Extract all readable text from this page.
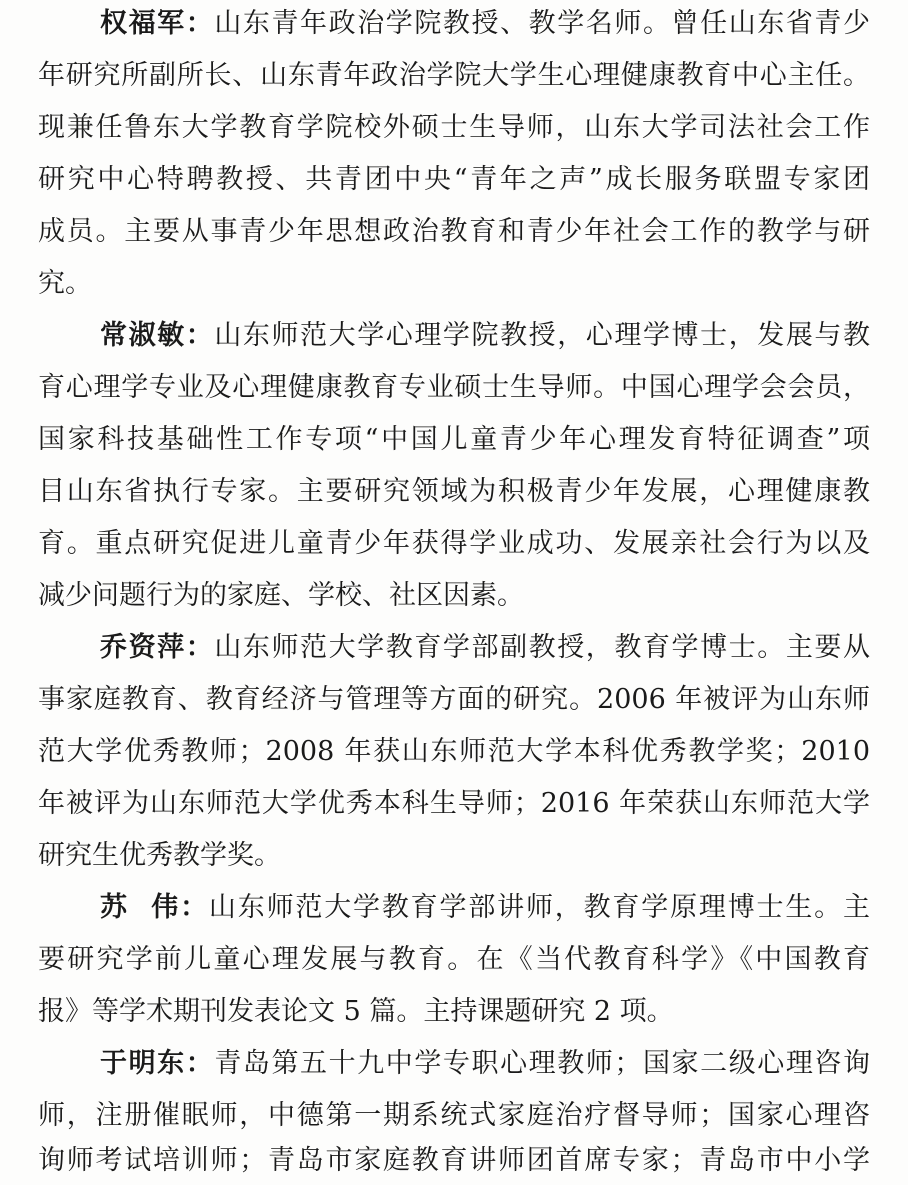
权福军：山东青年政治学院教授、教学名师。曾任山东省青少

年研究所副所长、山东青年政治学院大学生心理健康教育中心主任。

现兼任鲁东大学教育学院校外硕士生导师，山东大学司法社会工作

研究中心特聘教授、共青团中央“青年之声”成长服务联盟专家团

成员。主要从事青少年思想政治教育和青少年社会工作的教学与研

究。

常淑敏：山东师范大学心理学院教授，心理学博士，发展与教

育心理学专业及心理健康教育专业硕士生导师。中国心理学会会员，

国家科技基础性工作专项“中国儿童青少年心理发育特征调查”项

目山东省执行专家。主要研究领域为积极青少年发展，心理健康教

育。重点研究促进儿童青少年获得学业成功、发展亲社会行为以及

减少问题行为的家庭、学校、社区因素。

乔资萍：山东师范大学教育学部副教授，教育学博士。主要从

事家庭教育、教育经济与管理等方面的研究。2006 年被评为山东师

范大学优秀教师；2008 年获山东师范大学本科优秀教学奖；2010

年被评为山东师范大学优秀本科生导师；2016 年荣获山东师范大学

研究生优秀教学奖。

苏  伟：山东师范大学教育学部讲师，教育学原理博士生。主

要研究学前儿童心理发展与教育。在《当代教育科学》《中国教育

报》等学术期刊发表论文 5 篇。主持课题研究 2 项。

于明东：青岛第五十九中学专职心理教师；国家二级心理咨询

师，注册催眠师，中德第一期系统式家庭治疗督导师；国家心理咨

询师考试培训师；青岛市家庭教育讲师团首席专家；青岛市中小学
